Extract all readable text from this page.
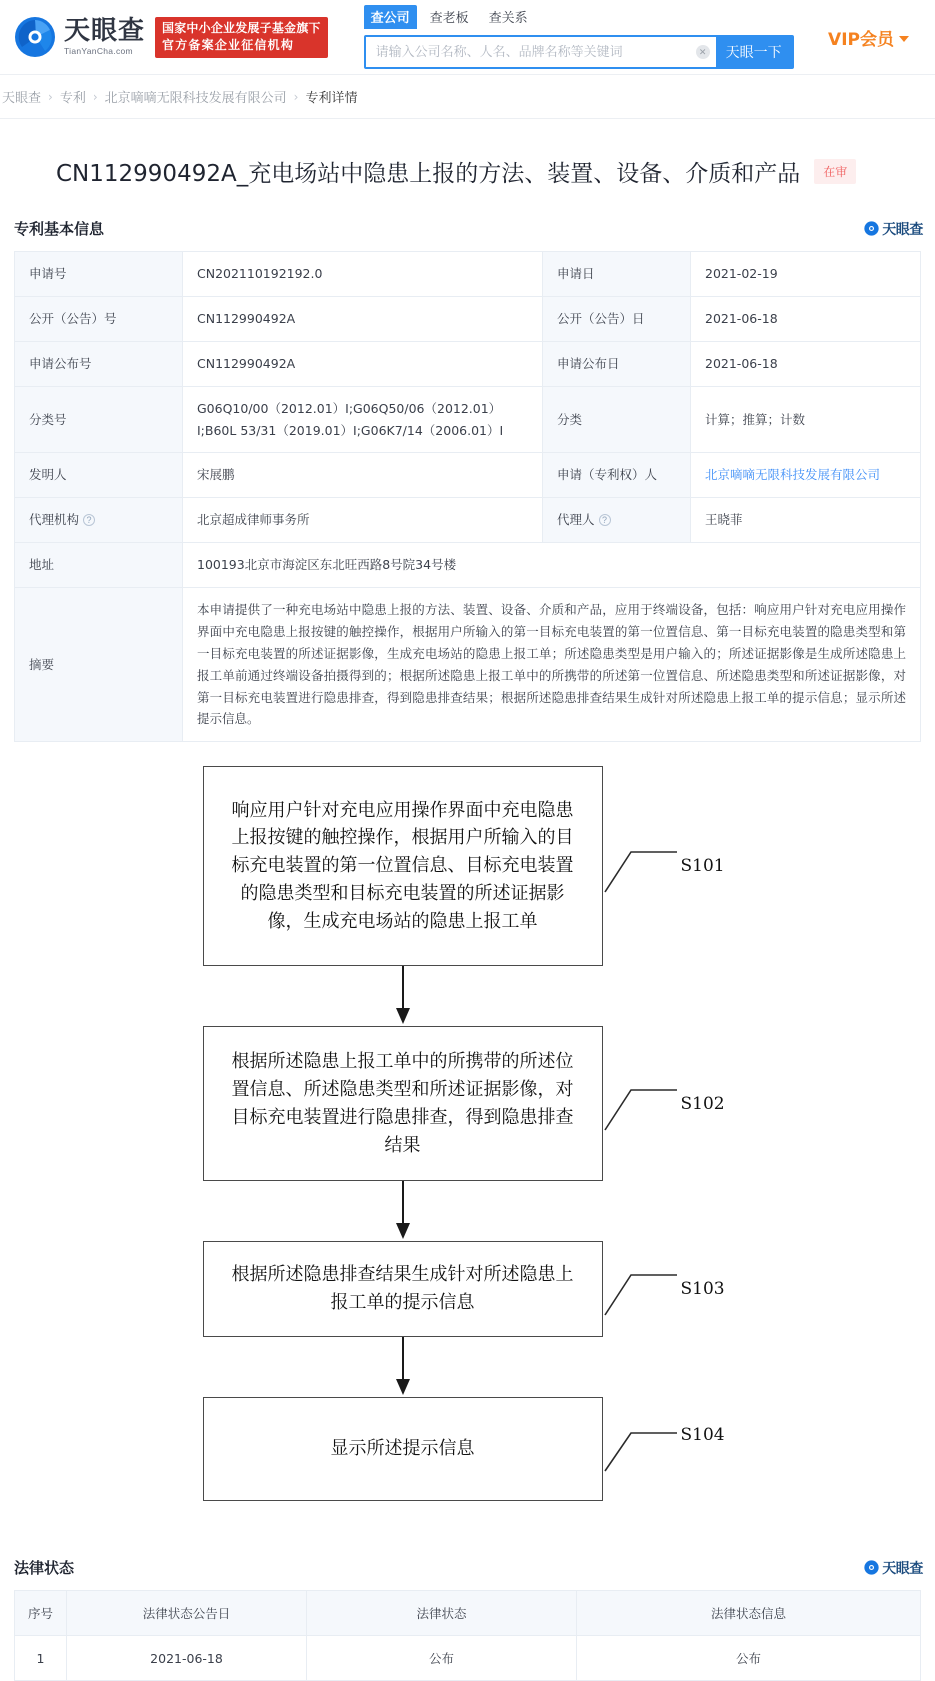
天眼查
TianYanCha.com
国家中小企业发展子基金旗下
官方备案企业征信机构
查公司	查老板	查关系
请输入公司名称、人名、品牌名称等关键词
✕	天眼一下
VIP会员
天眼查 › 专利 › 北京嘀嘀无限科技发展有限公司 › 专利详情
CN112990492A_充电场站中隐患上报的方法、装置、设备、介质和产品	在审
专利基本信息	天眼查
申请号	CN202110192192.0	申请日	2021-02-19
公开（公告）号	CN112990492A	公开（公告）日	2021-06-18
申请公布号	CN112990492A	申请公布日	2021-06-18
分类号	G06Q10/00（2012.01）I;G06Q50/06（2012.01）I;B60L 53/31（2019.01）I;G06K7/14（2006.01）I	分类	计算；推算；计数
发明人	宋展鹏	申请（专利权）人	北京嘀嘀无限科技发展有限公司
代理机构 ?	北京超成律师事务所	代理人 ?	王晓菲
地址	100193北京市海淀区东北旺西路8号院34号楼		
摘要	本申请提供了一种充电场站中隐患上报的方法、装置、设备、介质和产品，应用于终端设备，包括：响应用户针对充电应用操作界面中充电隐患上报按键的触控操作，根据用户所输入的第一目标充电装置的第一位置信息、第一目标充电装置的隐患类型和第一目标充电装置的所述证据影像，生成充电场站的隐患上报工单；所述隐患类型是用户输入的；所述证据影像是生成所述隐患上报工单前通过终端设备拍摄得到的；根据所述隐患上报工单中的所携带的所述第一位置信息、所述隐患类型和所述证据影像，对第一目标充电装置进行隐患排查，得到隐患排查结果；根据所述隐患排查结果生成针对所述隐患上报工单的提示信息；显示所述提示信息。		
响应用户针对充电应用操作界面中充电隐患上报按键的触控操作，根据用户所输入的目标充电装置的第一位置信息、目标充电装置的隐患类型和目标充电装置的所述证据影像，生成充电场站的隐患上报工单
S101
根据所述隐患上报工单中的所携带的所述位置信息、所述隐患类型和所述证据影像，对目标充电装置进行隐患排查，得到隐患排查结果
S102
根据所述隐患排查结果生成针对所述隐患上报工单的提示信息
S103
显示所述提示信息
S104
法律状态	天眼查
序号	法律状态公告日	法律状态	法律状态信息
1	2021-06-18	公布	公布
